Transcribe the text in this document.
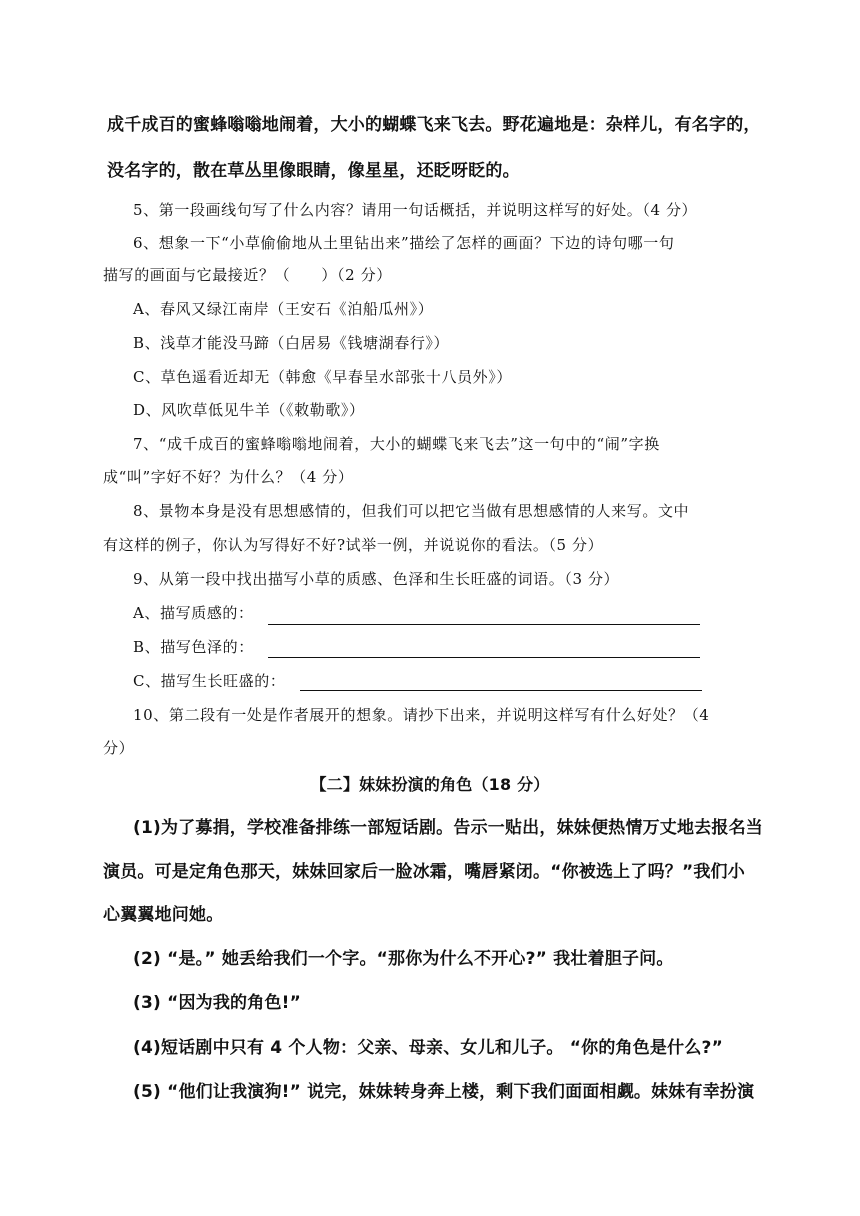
成千成百的蜜蜂嗡嗡地闹着，大小的蝴蝶飞来飞去。野花遍地是：杂样儿，有名字的，
没名字的，散在草丛里像眼睛，像星星，还眨呀眨的。
5、第一段画线句写了什么内容？请用一句话概括，并说明这样写的好处。（4 分）
6、想象一下“小草偷偷地从土里钻出来”描绘了怎样的画面？下边的诗句哪一句
描写的画面与它最接近？（　　）（2 分）
A、春风又绿江南岸（王安石《泊船瓜州》）
B、浅草才能没马蹄（白居易《钱塘湖春行》）
C、草色遥看近却无（韩愈《早春呈水部张十八员外》）
D、风吹草低见牛羊（《敕勒歌》）
7、“成千成百的蜜蜂嗡嗡地闹着，大小的蝴蝶飞来飞去”这一句中的“闹”字换
成“叫”字好不好？为什么？（4 分）
8、景物本身是没有思想感情的，但我们可以把它当做有思想感情的人来写。文中
有这样的例子，你认为写得好不好?试举一例，并说说你的看法。（5 分）
9、从第一段中找出描写小草的质感、色泽和生长旺盛的词语。（3 分）
A、描写质感的：
B、描写色泽的：
C、描写生长旺盛的：
10、第二段有一处是作者展开的想象。请抄下出来，并说明这样写有什么好处？（4
分）
【二】妹妹扮演的角色（18 分）
(1)为了募捐，学校准备排练一部短话剧。告示一贴出，妹妹便热情万丈地去报名当
演员。可是定角色那天，妹妹回家后一脸冰霜，嘴唇紧闭。“你被选上了吗？”我们小
心翼翼地问她。
(2) “是。” 她丢给我们一个字。“那你为什么不开心?” 我壮着胆子问。
(3) “因为我的角色!”
(4)短话剧中只有 4 个人物：父亲、母亲、女儿和儿子。 “你的角色是什么?”
(5) “他们让我演狗!” 说完，妹妹转身奔上楼，剩下我们面面相觑。妹妹有幸扮演
